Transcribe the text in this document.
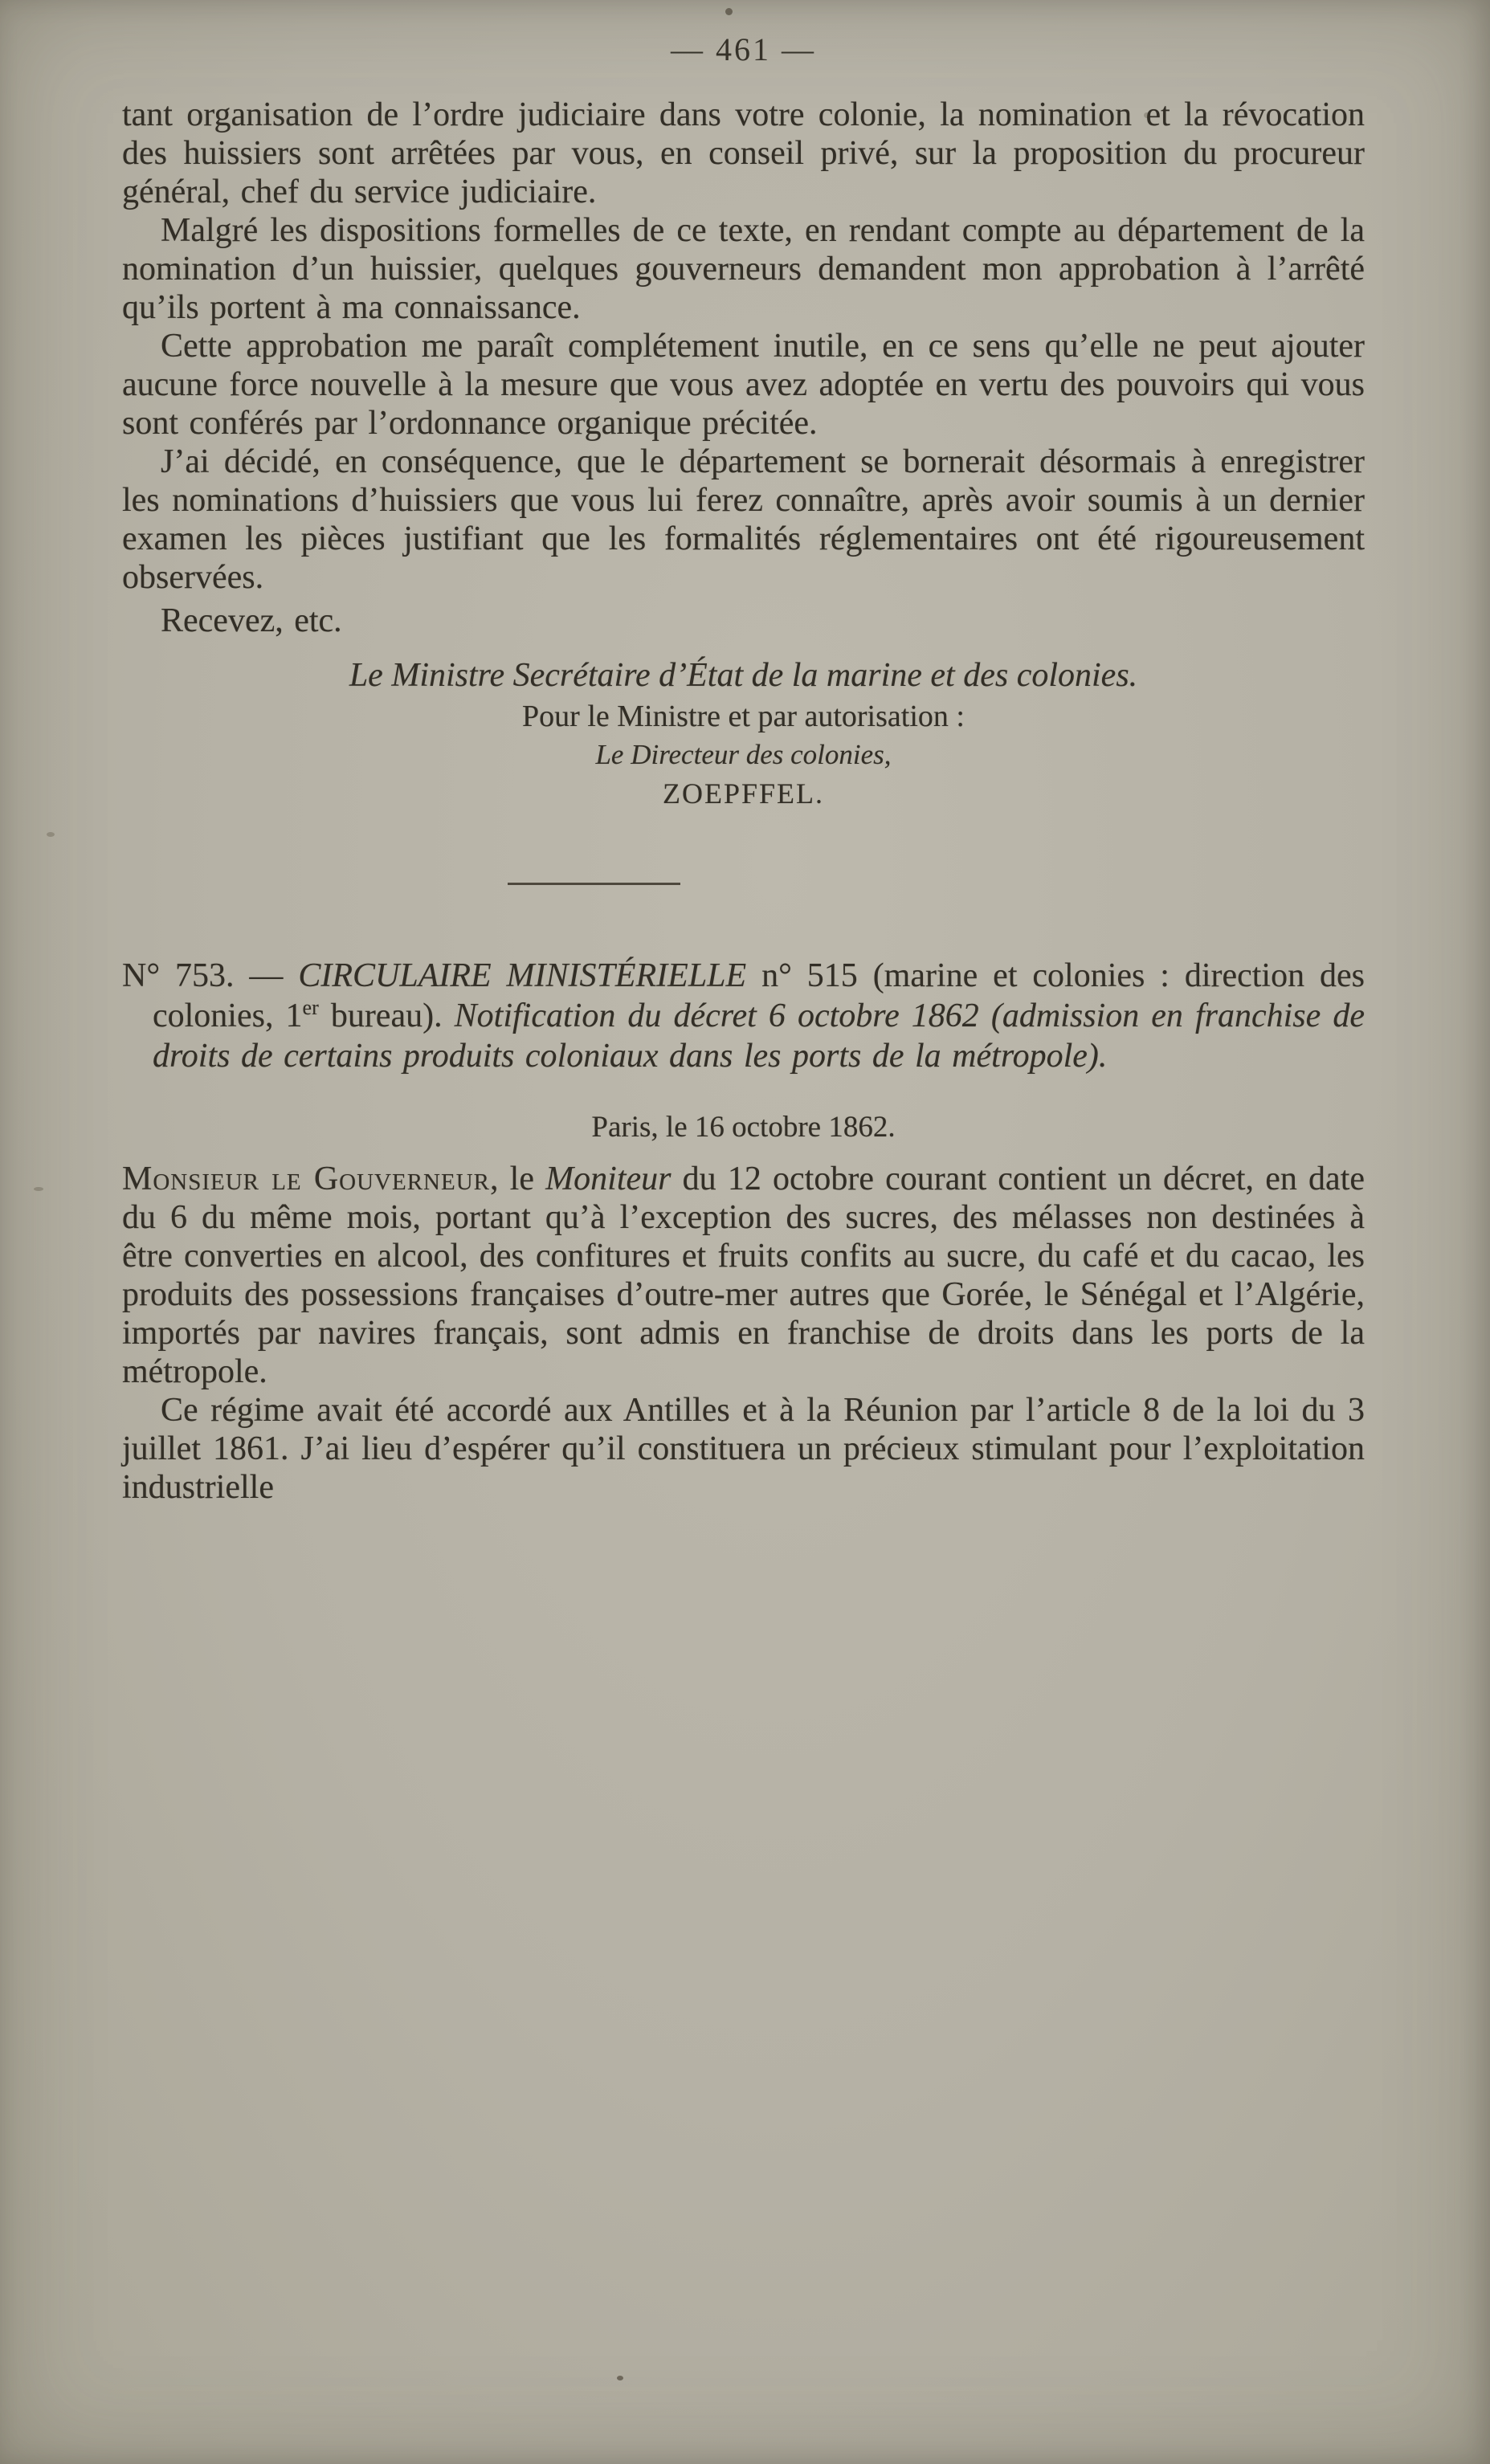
— 461 —

tant organisation de l’ordre judiciaire dans votre colonie, la nomination et la révocation des huissiers sont arrêtées par vous, en conseil privé, sur la proposition du procureur général, chef du service judiciaire.

Malgré les dispositions formelles de ce texte, en rendant compte au département de la nomination d’un huissier, quelques gouverneurs demandent mon approbation à l’arrêté qu’ils portent à ma connaissance.

Cette approbation me paraît complétement inutile, en ce sens qu’elle ne peut ajouter aucune force nouvelle à la mesure que vous avez adoptée en vertu des pouvoirs qui vous sont conférés par l’ordonnance organique précitée.

J’ai décidé, en conséquence, que le département se bornerait désormais à enregistrer les nominations d’huissiers que vous lui ferez connaître, après avoir soumis à un dernier examen les pièces justifiant que les formalités réglementaires ont été rigoureusement observées.

Recevez, etc.

Le Ministre Secrétaire d’État de la marine et des colonies.
Pour le Ministre et par autorisation :
Le Directeur des colonies,
ZOEPFFEL.

N° 753. — CIRCULAIRE MINISTÉRIELLE n° 515 (marine et colonies : direction des colonies, 1er bureau). Notification du décret 6 octobre 1862 (admission en franchise de droits de certains produits coloniaux dans les ports de la métropole).

Paris, le 16 octobre 1862.

Monsieur le Gouverneur, le Moniteur du 12 octobre courant contient un décret, en date du 6 du même mois, portant qu’à l’exception des sucres, des mélasses non destinées à être converties en alcool, des confitures et fruits confits au sucre, du café et du cacao, les produits des possessions françaises d’outre-mer autres que Gorée, le Sénégal et l’Algérie, importés par navires français, sont admis en franchise de droits dans les ports de la métropole.

Ce régime avait été accordé aux Antilles et à la Réunion par l’article 8 de la loi du 3 juillet 1861. J’ai lieu d’espérer qu’il constituera un précieux stimulant pour l’exploitation industrielle
